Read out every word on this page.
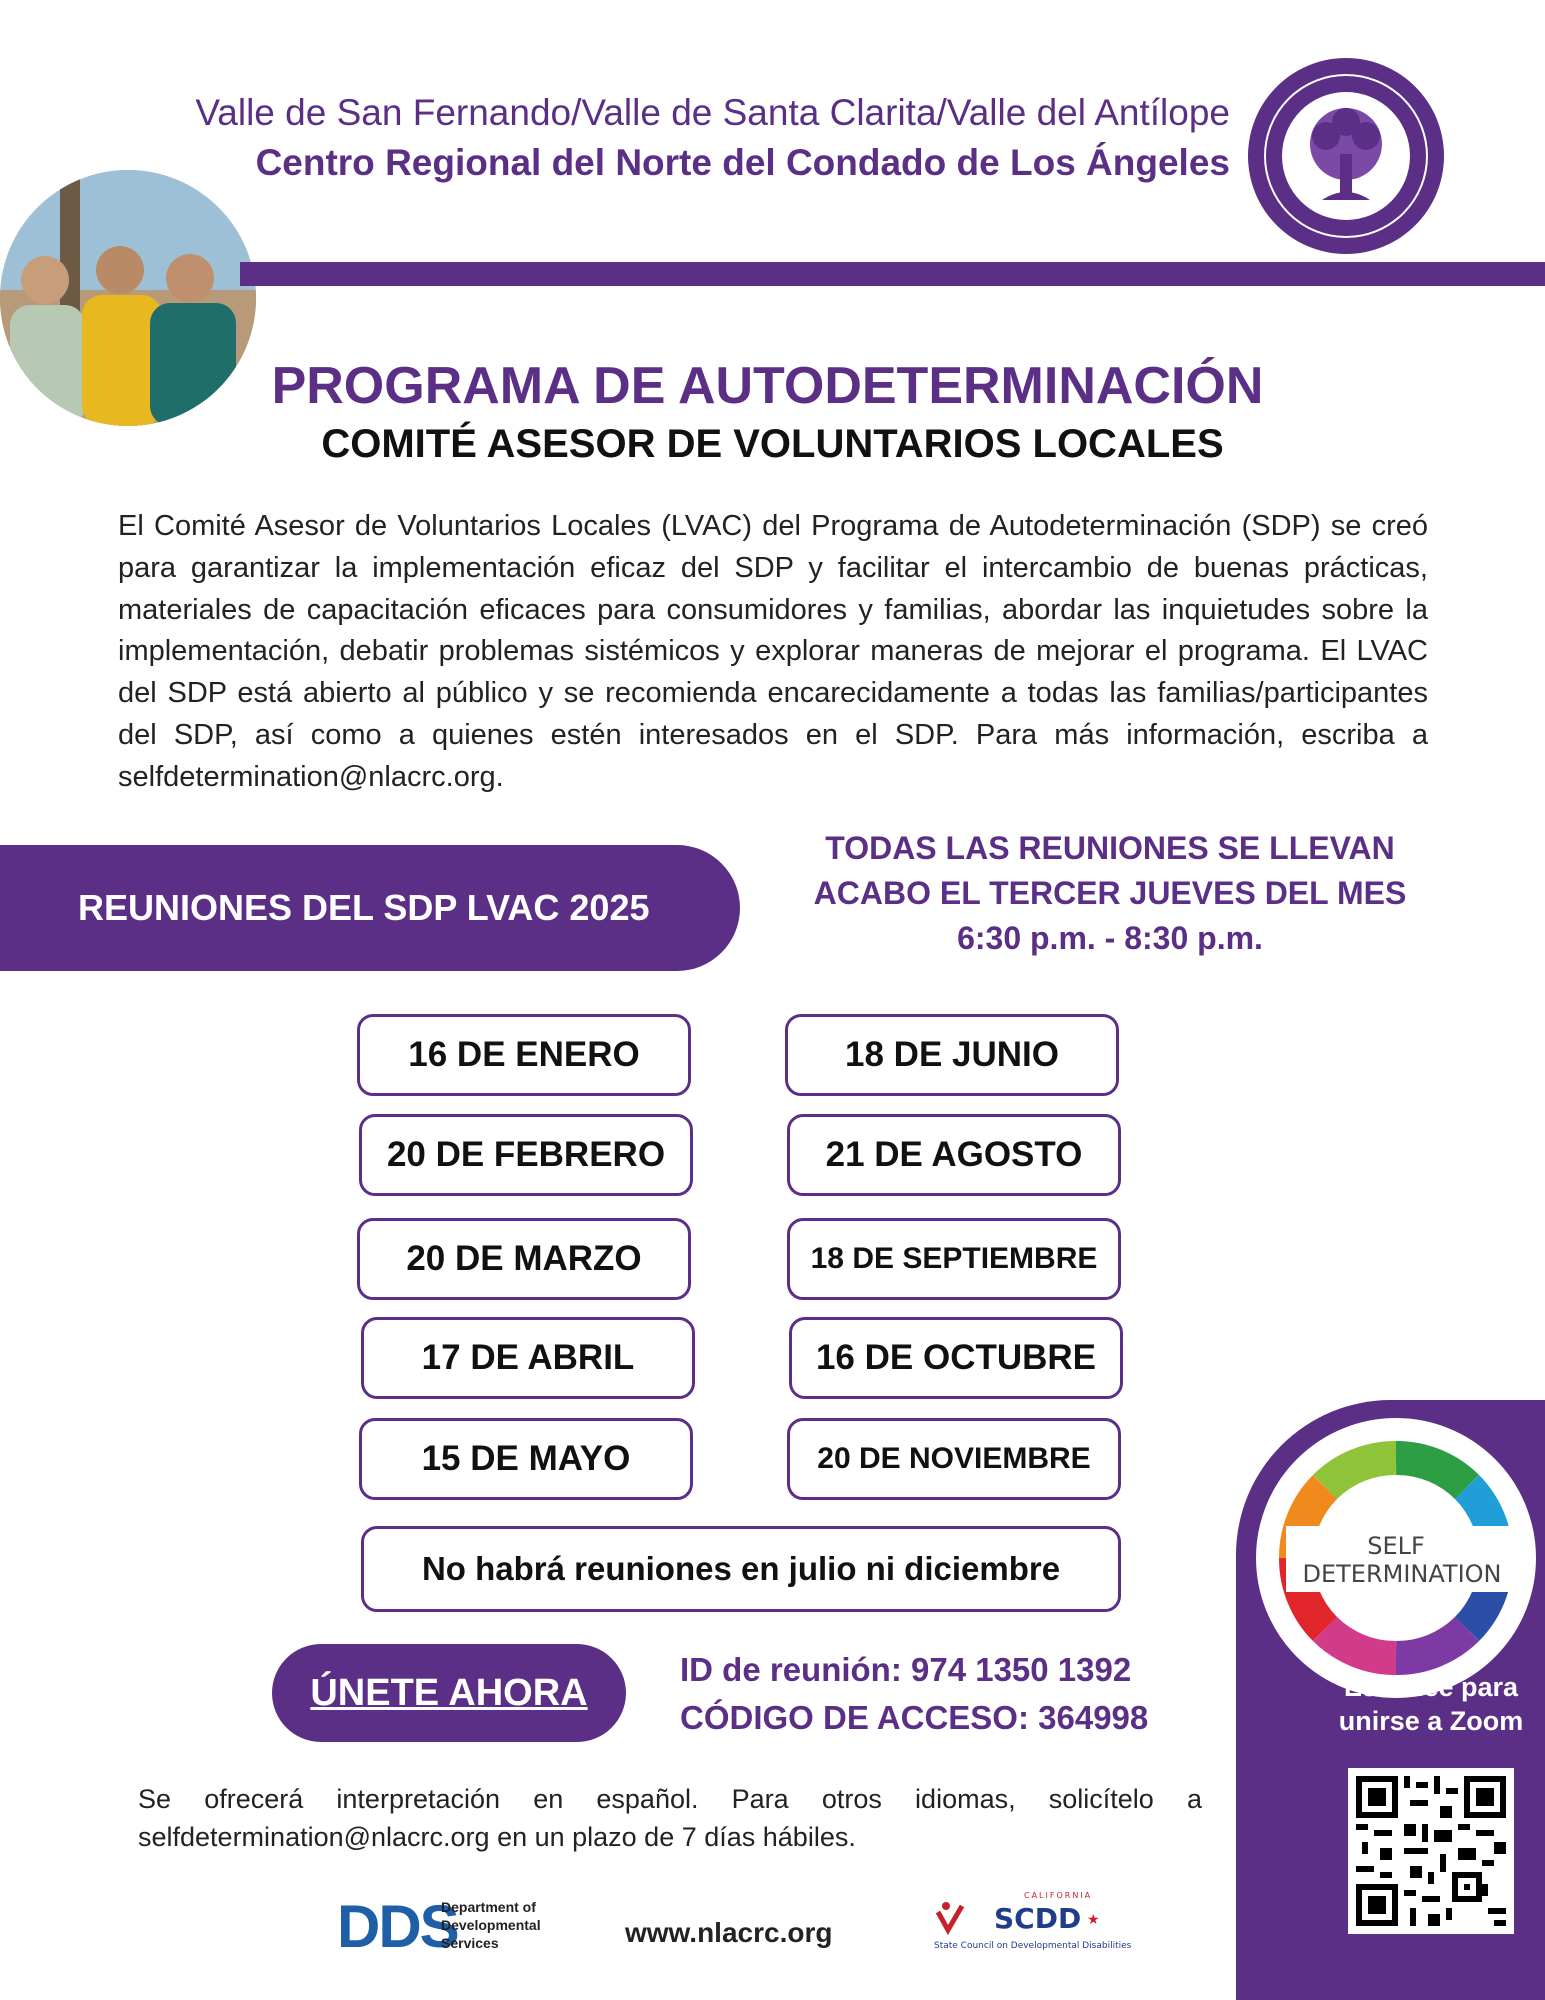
Valle de San Fernando/Valle de Santa Clarita/Valle del Antílope
Centro Regional del Norte del Condado de Los Ángeles
PROGRAMA DE AUTODETERMINACIÓN
COMITÉ ASESOR DE VOLUNTARIOS LOCALES
El Comité Asesor de Voluntarios Locales (LVAC) del Programa de Autodeterminación (SDP) se creó para garantizar la implementación eficaz del SDP y facilitar el intercambio de buenas prácticas, materiales de capacitación eficaces para consumidores y familias, abordar las inquietudes sobre la implementación, debatir problemas sistémicos y explorar maneras de mejorar el programa. El LVAC del SDP está abierto al público y se recomienda encarecidamente a todas las familias/participantes del SDP, así como a quienes estén interesados en el SDP. Para más información, escriba a selfdetermination@nlacrc.org.
REUNIONES DEL SDP LVAC 2025
TODAS LAS REUNIONES SE LLEVAN
ACABO EL TERCER JUEVES DEL MES
6:30 p.m. - 8:30 p.m.
16 DE ENERO
20 DE FEBRERO
20 DE MARZO
17 DE ABRIL
15 DE MAYO
18 DE JUNIO
21 DE AGOSTO
18 DE SEPTIEMBRE
16 DE OCTUBRE
20 DE NOVIEMBRE
No habrá reuniones en julio ni diciembre
ÚNETE AHORA
ID de reunión: 974 1350 1392
CÓDIGO DE ACCESO: 364998
Se ofrecerá interpretación en español. Para otros idiomas, solicítelo a selfdetermination@nlacrc.org en un plazo de 7 días hábiles.
SELF
DETERMINATION
Escanee para
unirse a Zoom
DDS
Department of
Developmental
Services	www.nlacrc.org
CALIFORNIA
SCDD ★
State Council on Developmental Disabilities
